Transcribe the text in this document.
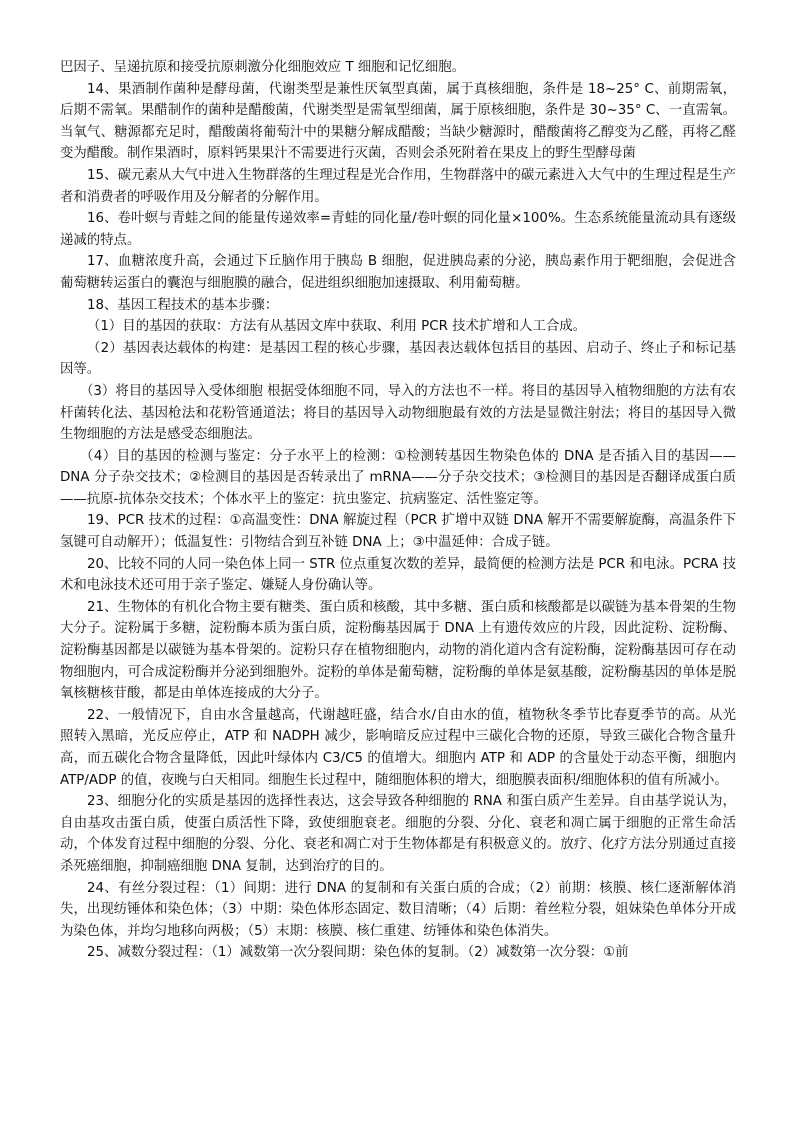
巴因子、呈递抗原和接受抗原刺激分化细胞效应 T 细胞和记忆细胞。

14、果酒制作菌种是酵母菌，代谢类型是兼性厌氧型真菌，属于真核细胞，条件是 18~25° C、前期需氧，后期不需氧。果醋制作的菌种是醋酸菌，代谢类型是需氧型细菌，属于原核细胞，条件是 30~35° C、一直需氧。当氧气、糖源都充足时，醋酸菌将葡萄汁中的果糖分解成醋酸；当缺少糖源时，醋酸菌将乙醇变为乙醛，再将乙醛变为醋酸。制作果酒时，原料钙果果汁不需要进行灭菌，否则会杀死附着在果皮上的野生型酵母菌

15、碳元素从大气中进入生物群落的生理过程是光合作用，生物群落中的碳元素进入大气中的生理过程是生产者和消费者的呼吸作用及分解者的分解作用。

16、卷叶螟与青蛙之间的能量传递效率=青蛙的同化量/卷叶螟的同化量×100%。生态系统能量流动具有逐级递减的特点。

17、血糖浓度升高，会通过下丘脑作用于胰岛 B 细胞，促进胰岛素的分泌，胰岛素作用于靶细胞，会促进含葡萄糖转运蛋白的囊泡与细胞膜的融合，促进组织细胞加速摄取、利用葡萄糖。

18、基因工程技术的基本步骤：

（1）目的基因的获取：方法有从基因文库中获取、利用 PCR 技术扩增和人工合成。

（2）基因表达载体的构建：是基因工程的核心步骤，基因表达载体包括目的基因、启动子、终止子和标记基因等。

（3）将目的基因导入受体细胞 根据受体细胞不同，导入的方法也不一样。将目的基因导入植物细胞的方法有农杆菌转化法、基因枪法和花粉管通道法；将目的基因导入动物细胞最有效的方法是显微注射法；将目的基因导入微生物细胞的方法是感受态细胞法。

（4）目的基因的检测与鉴定：分子水平上的检测：①检测转基因生物染色体的 DNA 是否插入目的基因——DNA 分子杂交技术；②检测目的基因是否转录出了 mRNA——分子杂交技术；③检测目的基因是否翻译成蛋白质——抗原-抗体杂交技术；个体水平上的鉴定：抗虫鉴定、抗病鉴定、活性鉴定等。

19、PCR 技术的过程：①高温变性：DNA 解旋过程（PCR 扩增中双链 DNA 解开不需要解旋酶，高温条件下氢键可自动解开）；低温复性：引物结合到互补链 DNA 上；③中温延伸：合成子链。

20、比较不同的人同一染色体上同一 STR 位点重复次数的差异，最简便的检测方法是 PCR 和电泳。PCRA 技术和电泳技术还可用于亲子鉴定、嫌疑人身份确认等。

21、生物体的有机化合物主要有糖类、蛋白质和核酸，其中多糖、蛋白质和核酸都是以碳链为基本骨架的生物大分子。淀粉属于多糖，淀粉酶本质为蛋白质，淀粉酶基因属于 DNA 上有遗传效应的片段，因此淀粉、淀粉酶、淀粉酶基因都是以碳链为基本骨架的。淀粉只存在植物细胞内，动物的消化道内含有淀粉酶，淀粉酶基因可存在动物细胞内，可合成淀粉酶并分泌到细胞外。淀粉的单体是葡萄糖，淀粉酶的单体是氨基酸，淀粉酶基因的单体是脱氧核糖核苷酸，都是由单体连接成的大分子。

22、一般情况下，自由水含量越高，代谢越旺盛，结合水/自由水的值，植物秋冬季节比春夏季节的高。从光照转入黑暗，光反应停止，ATP 和 NADPH 减少，影响暗反应过程中三碳化合物的还原，导致三碳化合物含量升高，而五碳化合物含量降低，因此叶绿体内 C3/C5 的值增大。细胞内 ATP 和 ADP 的含量处于动态平衡，细胞内 ATP/ADP 的值，夜晚与白天相同。细胞生长过程中，随细胞体积的增大，细胞膜表面积/细胞体积的值有所减小。

23、细胞分化的实质是基因的选择性表达，这会导致各种细胞的 RNA 和蛋白质产生差异。自由基学说认为，自由基攻击蛋白质，使蛋白质活性下降，致使细胞衰老。细胞的分裂、分化、衰老和凋亡属于细胞的正常生命活动，个体发育过程中细胞的分裂、分化、衰老和凋亡对于生物体都是有积极意义的。放疗、化疗方法分别通过直接杀死癌细胞，抑制癌细胞 DNA 复制，达到治疗的目的。

24、有丝分裂过程：（1）间期：进行 DNA 的复制和有关蛋白质的合成；（2）前期：核膜、核仁逐渐解体消失，出现纺锤体和染色体；（3）中期：染色体形态固定、数目清晰；（4）后期：着丝粒分裂，姐妹染色单体分开成为染色体，并均匀地移向两极；（5）末期：核膜、核仁重建、纺锤体和染色体消失。

25、减数分裂过程：（1）减数第一次分裂间期：染色体的复制。（2）减数第一次分裂：①前
